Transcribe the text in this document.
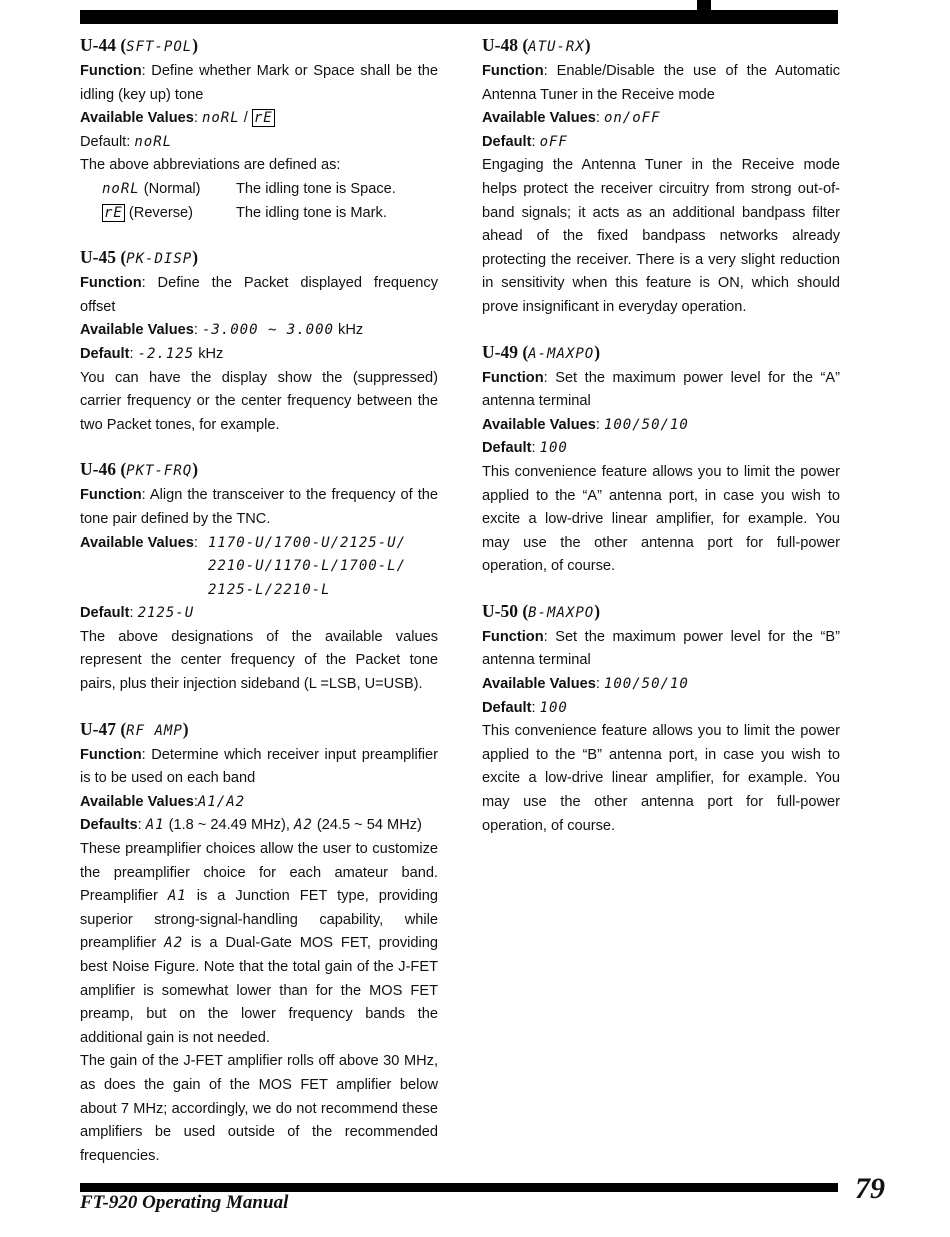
U-44 (SFT-POL)

Function: Define whether Mark or Space shall be the idling (key up) tone

Available Values: noRL / rE

Default: noRL

The above abbreviations are defined as:

noRL (Normal)	The idling tone is Space.
rE (Reverse)	The idling tone is Mark.
U-45 (PK-DISP)

Function: Define the Packet displayed frequency offset

Available Values: -3.000 ~ 3.000 kHz

Default: -2.125 kHz

You can have the display show the (suppressed) carrier frequency or the center frequency between the two Packet tones, for example.

U-46 (PKT-FRQ)

Function: Align the transceiver to the frequency of the tone pair defined by the TNC.

Available Values: 1170-U/1700-U/2125-U/
2210-U/1170-L/1700-L/
2125-L/2210-L

Default: 2125-U

The above designations of the available values represent the center frequency of the Packet tone pairs, plus their injection sideband (L =LSB, U=USB).

U-47 (RF AMP)

Function: Determine which receiver input preamplifier is to be used on each band

Available Values:A1/A2

Defaults: A1 (1.8 ~ 24.49 MHz), A2 (24.5 ~ 54 MHz)

These preamplifier choices allow the user to customize the preamplifier choice for each amateur band. Preamplifier A1 is a Junction FET type, providing superior strong-signal-handling capability, while preamplifier A2 is a Dual-Gate MOS FET, providing best Noise Figure. Note that the total gain of the J-FET amplifier is somewhat lower than for the MOS FET preamp, but on the lower frequency bands the additional gain is not needed.

The gain of the J-FET amplifier rolls off above 30 MHz, as does the gain of the MOS FET amplifier below about 7 MHz; accordingly, we do not recommend these amplifiers be used outside of the recommended frequencies.

U-48 (ATU-RX)

Function: Enable/Disable the use of the Automatic Antenna Tuner in the Receive mode

Available Values: on/oFF

Default: oFF

Engaging the Antenna Tuner in the Receive mode helps protect the receiver circuitry from strong out-of-band signals; it acts as an additional bandpass filter ahead of the fixed bandpass networks already protecting the receiver. There is a very slight reduction in sensitivity when this feature is ON, which should prove insignificant in everyday operation.

U-49 (A-MAXPO)

Function: Set the maximum power level for the “A” antenna terminal

Available Values: 100/50/10

Default: 100

This convenience feature allows you to limit the power applied to the “A” antenna port, in case you wish to excite a low-drive linear amplifier, for example. You may use the other antenna port for full-power operation, of course.

U-50 (B-MAXPO)

Function: Set the maximum power level for the “B” antenna terminal

Available Values: 100/50/10

Default: 100

This convenience feature allows you to limit the power applied to the “B” antenna port, in case you wish to excite a low-drive linear amplifier, for example. You may use the other antenna port for full-power operation, of course.

FT-920 Operating Manual	79
